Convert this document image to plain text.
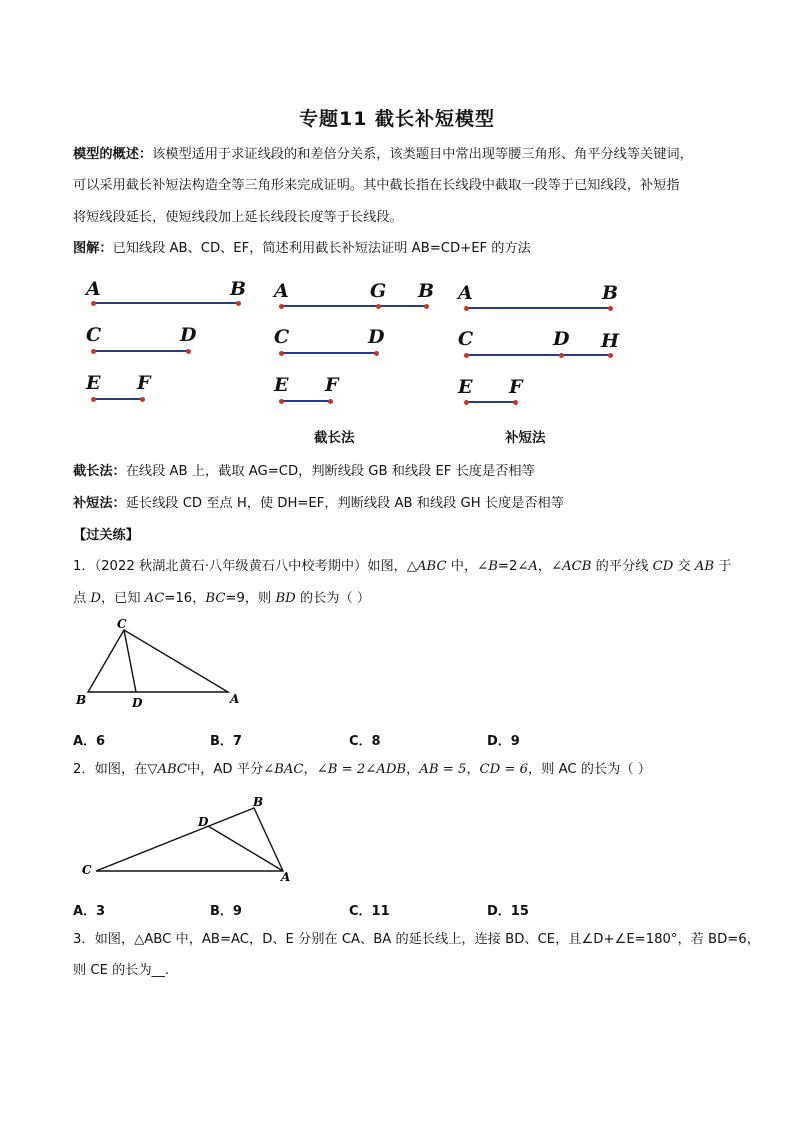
专题11 截长补短模型
模型的概述：该模型适用于求证线段的和差倍分关系，该类题目中常出现等腰三角形、角平分线等关键词，
可以采用截长补短法构造全等三角形来完成证明。其中截长指在长线段中截取一段等于已知线段，补短指
将短线段延长，使短线段加上延长线段长度等于长线段。
图解：已知线段 AB、CD、EF，简述利用截长补短法证明 AB=CD+EF 的方法
A	B
C	D
E F
A	G B
C	D
E F
截长法
A	B
C	D H
E F
补短法
截长法：在线段 AB 上，截取 AG=CD，判断线段 GB 和线段 EF 长度是否相等
补短法：延长线段 CD 至点 H，使 DH=EF，判断线段 AB 和线段 GH 长度是否相等
【过关练】
1．（2022 秋湖北黄石·八年级黄石八中校考期中）如图，△ABC 中，∠B=2∠A，∠ACB 的平分线 CD 交 AB 于
点 D，已知 AC=16，BC=9，则 BD 的长为（ ）
C
B	D	A
A．6	B．7	C．8	D．9
2．如图，在▽ABC中，AD 平分∠BAC，∠B = 2∠ADB，AB = 5，CD = 6，则 AC 的长为（ ）
B
D
C	A
A．3	B．9	C．11	D．15
3．如图，△ABC 中，AB=AC，D、E 分别在 CA、BA 的延长线上，连接 BD、CE，且∠D+∠E=180°，若 BD=6，
则 CE 的长为__.
